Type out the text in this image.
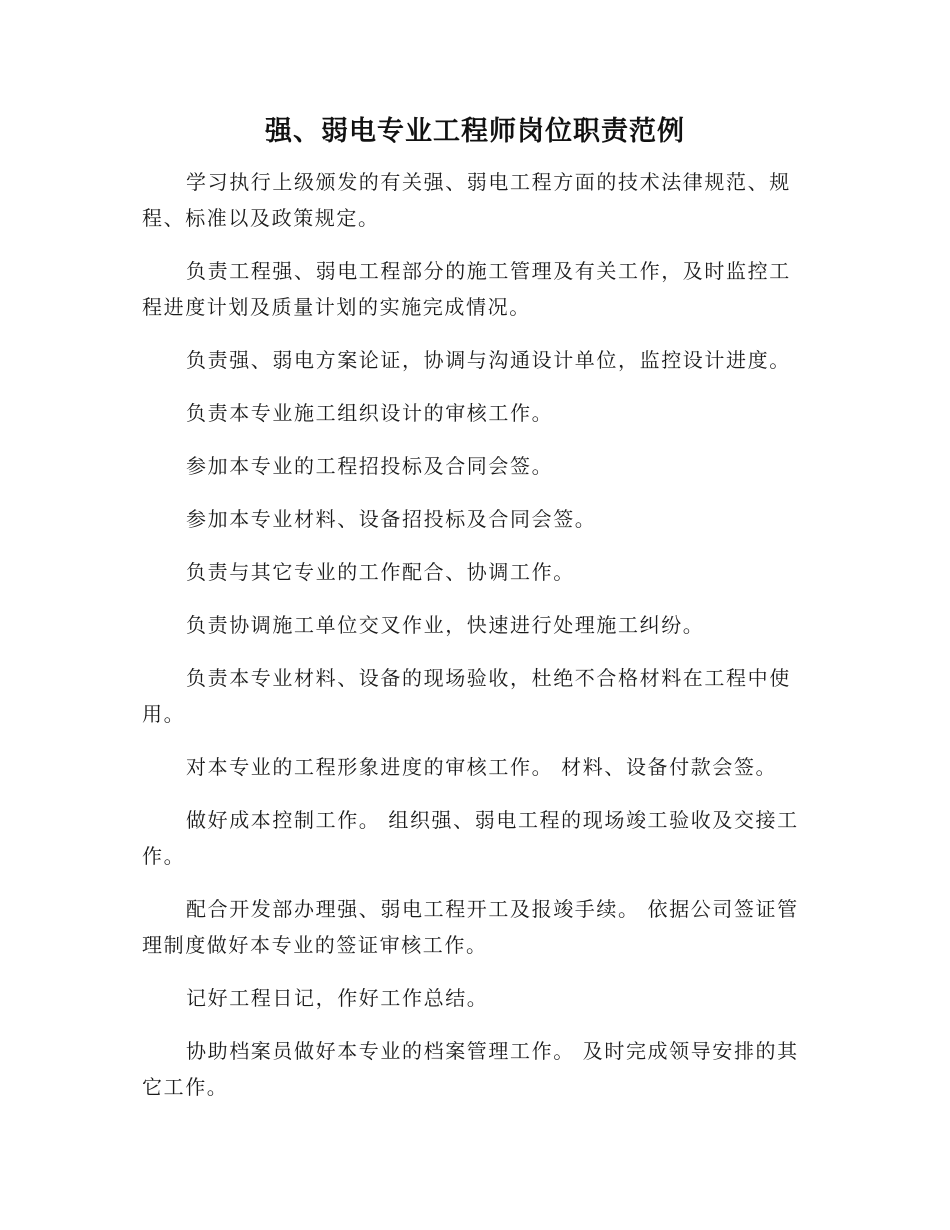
强、弱电专业工程师岗位职责范例

学习执行上级颁发的有关强、弱电工程方面的技术法律规范、规程、标准以及政策规定。

负责工程强、弱电工程部分的施工管理及有关工作，及时监控工程进度计划及质量计划的实施完成情况。

负责强、弱电方案论证，协调与沟通设计单位，监控设计进度。

负责本专业施工组织设计的审核工作。

参加本专业的工程招投标及合同会签。

参加本专业材料、设备招投标及合同会签。

负责与其它专业的工作配合、协调工作。

负责协调施工单位交叉作业，快速进行处理施工纠纷。

负责本专业材料、设备的现场验收，杜绝不合格材料在工程中使用。

对本专业的工程形象进度的审核工作。 材料、设备付款会签。

做好成本控制工作。 组织强、弱电工程的现场竣工验收及交接工作。

配合开发部办理强、弱电工程开工及报竣手续。 依据公司签证管理制度做好本专业的签证审核工作。

记好工程日记，作好工作总结。

协助档案员做好本专业的档案管理工作。 及时完成领导安排的其它工作。
